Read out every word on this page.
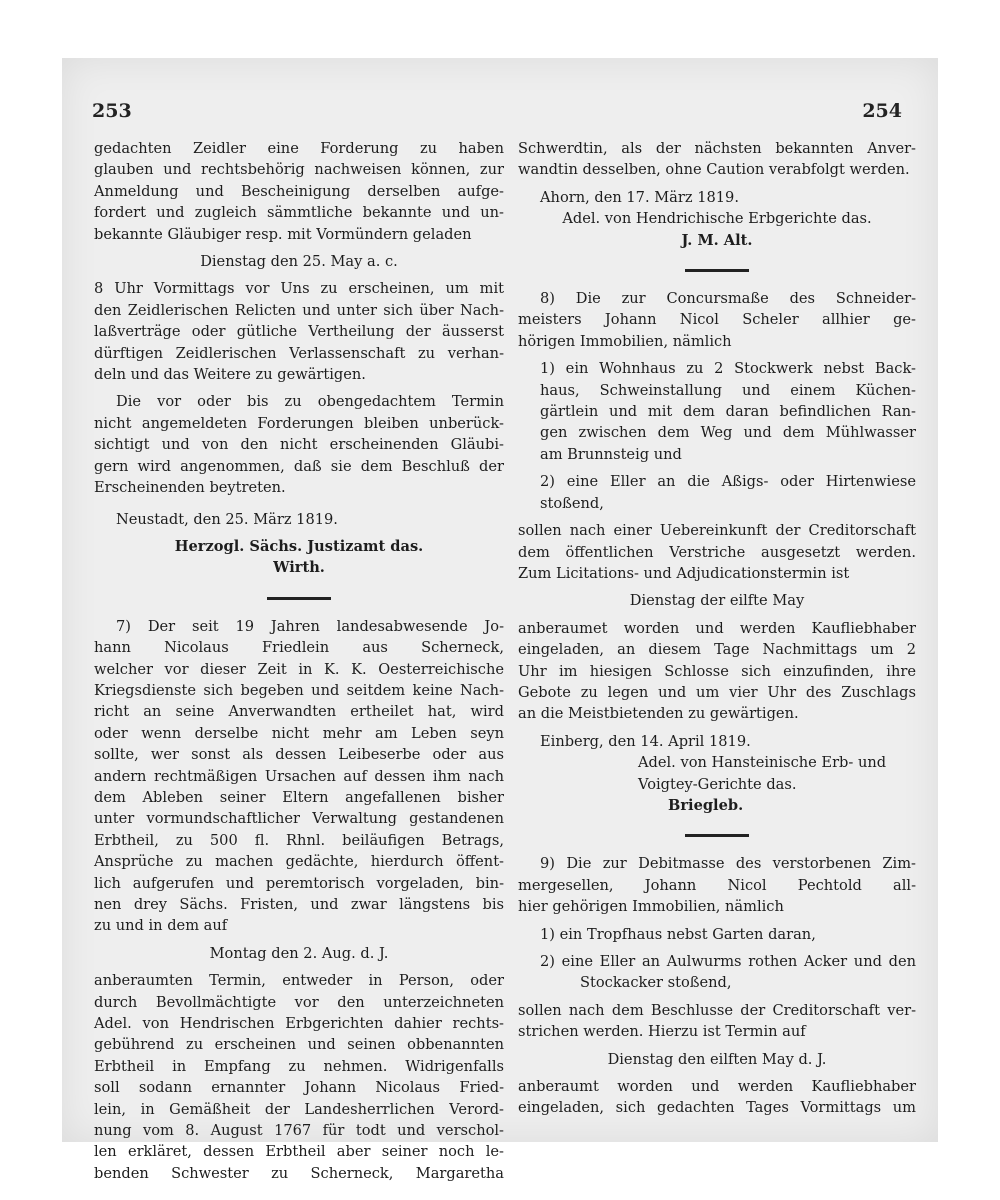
253	254

gedachten Zeidler eine Forderung zu haben
glauben und rechtsbehörig nachweisen können, zur
Anmeldung und Bescheinigung derselben aufge-
fordert und zugleich sämmtliche bekannte und un-
bekannte Gläubiger resp. mit Vormündern geladen

Dienstag den 25. May a. c.

8 Uhr Vormittags vor Uns zu erscheinen, um mit
den Zeidlerischen Relicten und unter sich über Nach-
laßverträge oder gütliche Vertheilung der äusserst
dürftigen Zeidlerischen Verlassenschaft zu verhan-
deln und das Weitere zu gewärtigen.

Die vor oder bis zu obengedachtem Termin
nicht angemeldeten Forderungen bleiben unberück-
sichtigt und von den nicht erscheinenden Gläubi-
gern wird angenommen, daß sie dem Beschluß der
Erscheinenden beytreten.

Neustadt, den 25. März 1819.

Herzogl. Sächs. Justizamt das.
Wirth.

7) Der seit 19 Jahren landesabwesende Jo-
hann Nicolaus Friedlein aus Scherneck,
welcher vor dieser Zeit in K. K. Oesterreichische
Kriegsdienste sich begeben und seitdem keine Nach-
richt an seine Anverwandten ertheilet hat, wird
oder wenn derselbe nicht mehr am Leben seyn
sollte, wer sonst als dessen Leibeserbe oder aus
andern rechtmäßigen Ursachen auf dessen ihm nach
dem Ableben seiner Eltern angefallenen bisher
unter vormundschaftlicher Verwaltung gestandenen
Erbtheil, zu 500 fl. Rhnl. beiläufigen Betrags,
Ansprüche zu machen gedächte, hierdurch öffent-
lich aufgerufen und peremtorisch vorgeladen, bin-
nen drey Sächs. Fristen, und zwar längstens bis
zu und in dem auf

Montag den 2. Aug. d. J.

anberaumten Termin, entweder in Person, oder
durch Bevollmächtigte vor den unterzeichneten
Adel. von Hendrischen Erbgerichten dahier rechts-
gebührend zu erscheinen und seinen obbenannten
Erbtheil in Empfang zu nehmen. Widrigenfalls
soll sodann ernannter Johann Nicolaus Fried-
lein, in Gemäßheit der Landesherrlichen Verord-
nung vom 8. August 1767 für todt und verschol-
len erkläret, dessen Erbtheil aber seiner noch le-
benden Schwester zu Scherneck, Margaretha

Schwerdtin, als der nächsten bekannten Anver-
wandtin desselben, ohne Caution verabfolgt werden.

Ahorn, den 17. März 1819.
Adel. von Hendrichische Erbgerichte das.
J. M. Alt.

8) Die zur Concursmaße des Schneider-
meisters Johann Nicol Scheler allhier ge-
hörigen Immobilien, nämlich

1) ein Wohnhaus zu 2 Stockwerk nebst Back-
haus, Schweinstallung und einem Küchen-
gärtlein und mit dem daran befindlichen Ran-
gen zwischen dem Weg und dem Mühlwasser
am Brunnsteig und

2) eine Eller an die Aßigs- oder Hirtenwiese
stoßend,

sollen nach einer Uebereinkunft der Creditorschaft
dem öffentlichen Verstriche ausgesetzt werden.
Zum Licitations- und Adjudicationstermin ist

Dienstag der eilfte May

anberaumet worden und werden Kaufliebhaber
eingeladen, an diesem Tage Nachmittags um 2
Uhr im hiesigen Schlosse sich einzufinden, ihre
Gebote zu legen und um vier Uhr des Zuschlags
an die Meistbietenden zu gewärtigen.

Einberg, den 14. April 1819.
Adel. von Hansteinische Erb- und
Voigtey-Gerichte das.
Briegleb.

9) Die zur Debitmasse des verstorbenen Zim-
mergesellen, Johann Nicol Pechtold all-
hier gehörigen Immobilien, nämlich

1) ein Tropfhaus nebst Garten daran,

2) eine Eller an Aulwurms rothen Acker und den
Stockacker stoßend,

sollen nach dem Beschlusse der Creditorschaft ver-
strichen werden. Hierzu ist Termin auf

Dienstag den eilften May d. J.

anberaumt worden und werden Kaufliebhaber
eingeladen, sich gedachten Tages Vormittags um
